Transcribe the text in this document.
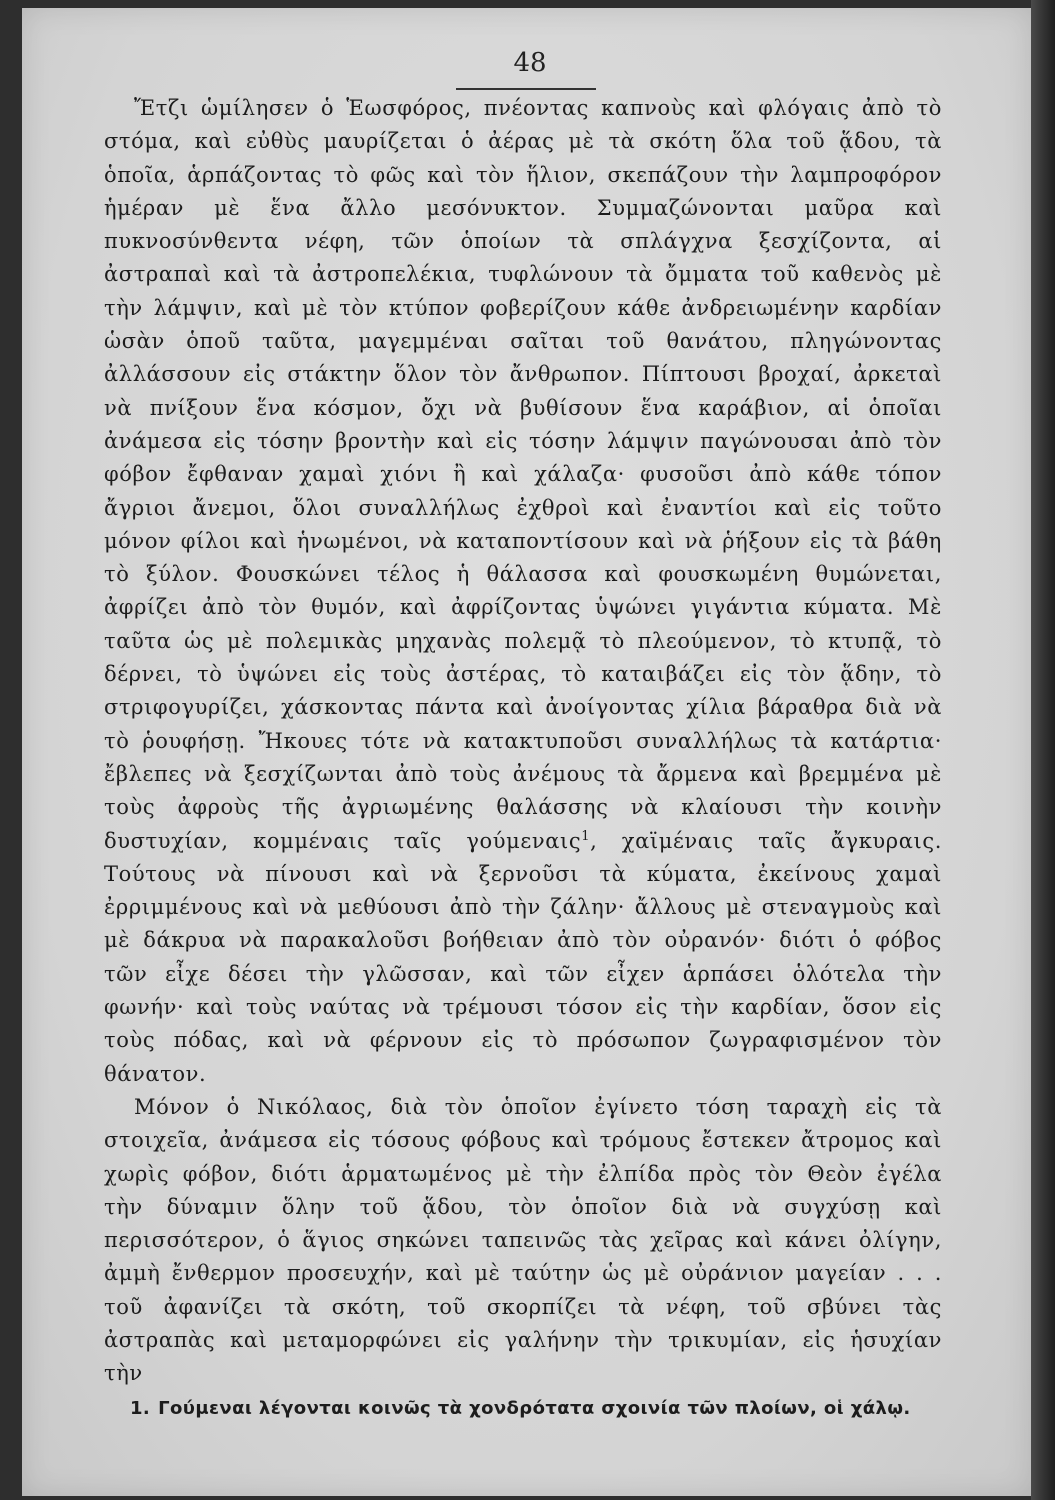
48

Ἔτζι ὡμίλησεν ὁ Ἑωσφόρος, πνέοντας καπνοὺς καὶ φλόγαις ἀπὸ τὸ στόμα, καὶ εὐθὺς μαυρίζεται ὁ ἀέρας μὲ τὰ σκότη ὅλα τοῦ ᾅδου, τὰ ὁποῖα, ἁρπάζοντας τὸ φῶς καὶ τὸν ἥλιον, σκεπάζουν τὴν λαμπροφόρον ἡμέραν μὲ ἕνα ἄλλο μεσόνυκτον. Συμμαζώνονται μαῦρα καὶ πυκνοσύνθεντα νέφη, τῶν ὁποίων τὰ σπλάγχνα ξεσχίζοντα, αἱ ἀστραπαὶ καὶ τὰ ἀστροπελέκια, τυφλώνουν τὰ ὄμματα τοῦ καθενὸς μὲ τὴν λάμψιν, καὶ μὲ τὸν κτύπον φοβερίζουν κάθε ἀνδρειωμένην καρδίαν ὡσὰν ὁποῦ ταῦτα, μαγεμμέναι σαῖται τοῦ θανάτου, πληγώνοντας ἀλλάσσουν εἰς στάκτην ὅλον τὸν ἄνθρωπον. Πίπτουσι βροχαί, ἀρκεταὶ νὰ πνίξουν ἕνα κόσμον, ὄχι νὰ βυθίσουν ἕνα καράβιον, αἱ ὁποῖαι ἀνάμεσα εἰς τόσην βροντὴν καὶ εἰς τόσην λάμψιν παγώνουσαι ἀπὸ τὸν φόβον ἔφθαναν χαμαὶ χιόνι ἢ καὶ χάλαζα· φυσοῦσι ἀπὸ κάθε τόπον ἄγριοι ἄνεμοι, ὅλοι συναλλήλως ἐχθροὶ καὶ ἐναντίοι καὶ εἰς τοῦτο μόνον φίλοι καὶ ἡνωμένοι, νὰ καταποντίσουν καὶ νὰ ῥήξουν εἰς τὰ βάθη τὸ ξύλον. Φουσκώνει τέλος ἡ θάλασσα καὶ φουσκωμένη θυμώνεται, ἀφρίζει ἀπὸ τὸν θυμόν, καὶ ἀφρίζοντας ὑψώνει γιγάντια κύματα. Μὲ ταῦτα ὡς μὲ πολεμικὰς μηχανὰς πολεμᾷ τὸ πλεούμενον, τὸ κτυπᾷ, τὸ δέρνει, τὸ ὑψώνει εἰς τοὺς ἀστέρας, τὸ καταιβάζει εἰς τὸν ᾅδην, τὸ στριφογυρίζει, χάσκοντας πάντα καὶ ἀνοίγοντας χίλια βάραθρα διὰ νὰ τὸ ῥουφήσῃ. Ἤκουες τότε νὰ κατακτυποῦσι συναλλήλως τὰ κατάρτια· ἔβλεπες νὰ ξεσχίζωνται ἀπὸ τοὺς ἀνέμους τὰ ἄρμενα καὶ βρεμμένα μὲ τοὺς ἀφροὺς τῆς ἀγριωμένης θαλάσσης νὰ κλαίουσι τὴν κοινὴν δυστυχίαν, κομμέναις ταῖς γούμεναις$^1$, χαϊμέναις ταῖς ἄγκυραις. Τούτους νὰ πίνουσι καὶ νὰ ξερνοῦσι τὰ κύματα, ἐκείνους χαμαὶ ἐρριμμένους καὶ νὰ μεθύουσι ἀπὸ τὴν ζάλην· ἄλλους μὲ στεναγμοὺς καὶ μὲ δάκρυα νὰ παρακαλοῦσι βοήθειαν ἀπὸ τὸν οὐρανόν· διότι ὁ φόβος τῶν εἶχε δέσει τὴν γλῶσσαν, καὶ τῶν εἶχεν ἁρπάσει ὁλότελα τὴν φωνήν· καὶ τοὺς ναύτας νὰ τρέμουσι τόσον εἰς τὴν καρδίαν, ὅσον εἰς τοὺς πόδας, καὶ νὰ φέρνουν εἰς τὸ πρόσωπον ζωγραφισμένον τὸν θάνατον.

Μόνον ὁ Νικόλαος, διὰ τὸν ὁποῖον ἐγίνετο τόση ταραχὴ εἰς τὰ στοιχεῖα, ἀνάμεσα εἰς τόσους φόβους καὶ τρόμους ἔστεκεν ἄτρομος καὶ χωρὶς φόβον, διότι ἁρματωμένος μὲ τὴν ἐλπίδα πρὸς τὸν Θεὸν ἐγέλα τὴν δύναμιν ὅλην τοῦ ᾅδου, τὸν ὁποῖον διὰ νὰ συγχύσῃ καὶ περισσότερον, ὁ ἅγιος σηκώνει ταπεινῶς τὰς χεῖρας καὶ κάνει ὀλίγην, ἀμμὴ ἔνθερμον προσευχήν, καὶ μὲ ταύτην ὡς μὲ οὐράνιον μαγείαν . . . τοῦ ἀφανίζει τὰ σκότη, τοῦ σκορπίζει τὰ νέφη, τοῦ σβύνει τὰς ἀστραπὰς καὶ μεταμορφώνει εἰς γαλήνην τὴν τρικυμίαν, εἰς ἡσυχίαν τὴν

1. Γούμεναι λέγονται κοινῶς τὰ χονδρότατα σχοινία τῶν πλοίων, οἱ χάλῳ.
